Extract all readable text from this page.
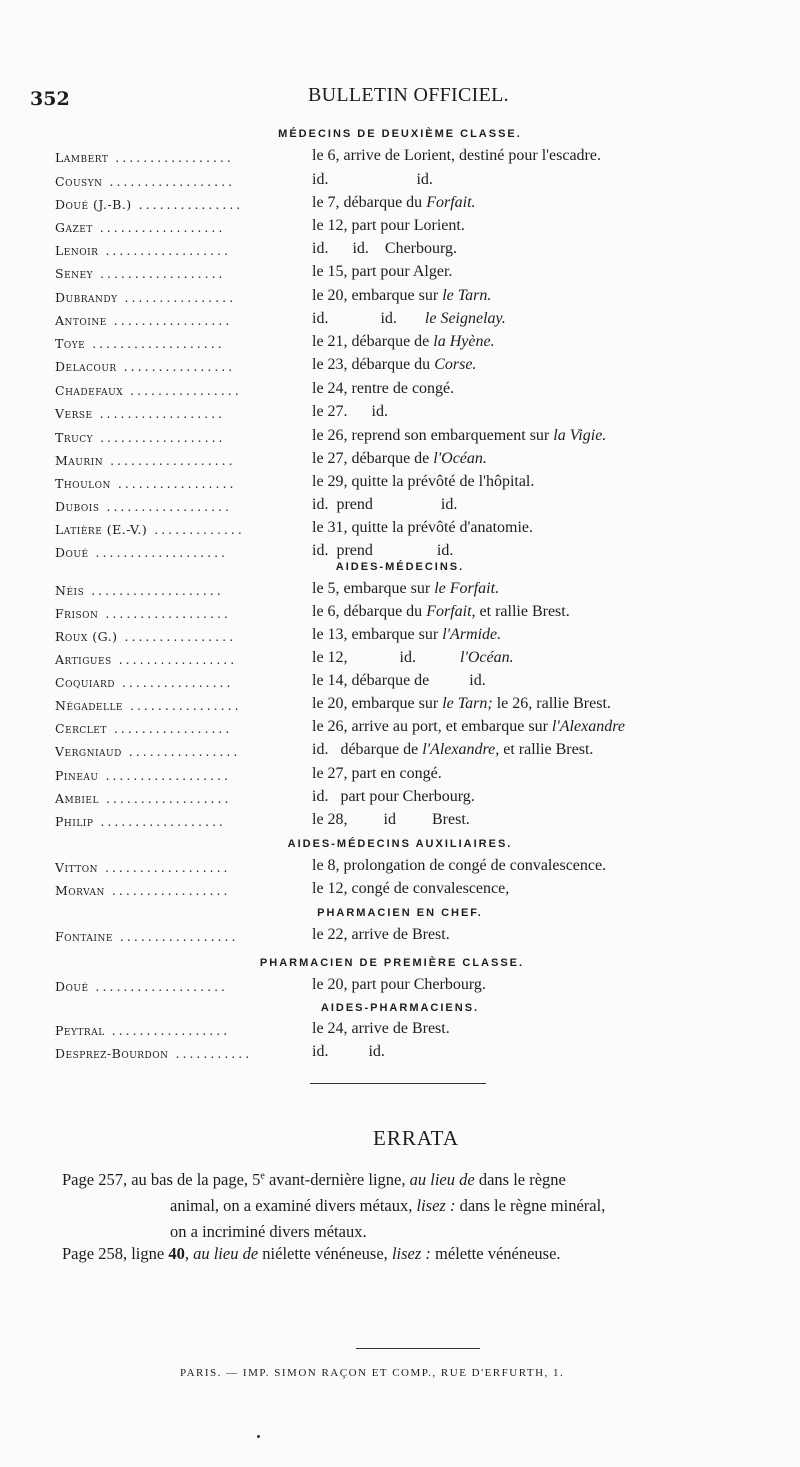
352	BULLETIN OFFICIEL.
MÉDECINS DE DEUXIÈME CLASSE.
Lambert .................	le 6, arrive de Lorient, destiné pour l'escadre.
Cousyn ..................	id.                      id.
Doué (J.-B.) ...............	le 7, débarque du Forfait.
Gazet ..................	le 12, part pour Lorient.
Lenoir ..................	id.      id.    Cherbourg.
Seney ..................	le 15, part pour Alger.
Dubrandy ................	le 20, embarque sur le Tarn.
Antoine .................	id.             id.       le Seignelay.
Toye ...................	le 21, débarque de la Hyène.
Delacour ................	le 23, débarque du Corse.
Chadefaux ................	le 24, rentre de congé.
Verse ..................	le 27.      id.
Trucy ..................	le 26, reprend son embarquement sur la Vigie.
Maurin ..................	le 27, débarque de l'Océan.
Thoulon .................	le 29, quitte la prévôté de l'hôpital.
Dubois ..................	id.  prend                 id.
Latière (E.-V.) .............	le 31, quitte la prévôté d'anatomie.
Doué ...................	id.  prend                id.
AIDES-MÉDECINS.
Néis ...................	le 5, embarque sur le Forfait.
Frison ..................	le 6, débarque du Forfait, et rallie Brest.
Roux (G.) ................	le 13, embarque sur l'Armide.
Artigues .................	le 12,             id.           l'Océan.
Coquiard ................	le 14, débarque de          id.
Négadelle ................	le 20, embarque sur le Tarn; le 26, rallie Brest.
Cerclet .................	le 26, arrive au port, et embarque sur l'Alexandre
Vergniaud ................	id.   débarque de l'Alexandre, et rallie Brest.
Pineau ..................	le 27, part en congé.
Ambiel ..................	id.   part pour Cherbourg.
Philip ..................	le 28,         id         Brest.
AIDES-MÉDECINS AUXILIAIRES.
Vitton ..................	le 8, prolongation de congé de convalescence.
Morvan .................	le 12, congé de convalescence,
PHARMACIEN EN CHEF.
Fontaine .................	le 22, arrive de Brest.
PHARMACIEN DE PREMIÈRE CLASSE.
Doué ...................	le 20, part pour Cherbourg.
AIDES-PHARMACIENS.
Peytral .................	le 24, arrive de Brest.
Desprez-Bourdon ...........	id.          id.
ERRATA
Page 257, au bas de la page, 5e avant-dernière ligne, au lieu de dans le règne
animal, on a examiné divers métaux, lisez : dans le règne minéral,
on a incriminé divers métaux.
Page 258, ligne 40, au lieu de niélette vénéneuse, lisez : mélette vénéneuse.
PARIS. — IMP. SIMON RAÇON ET COMP., RUE D'ERFURTH, 1.
